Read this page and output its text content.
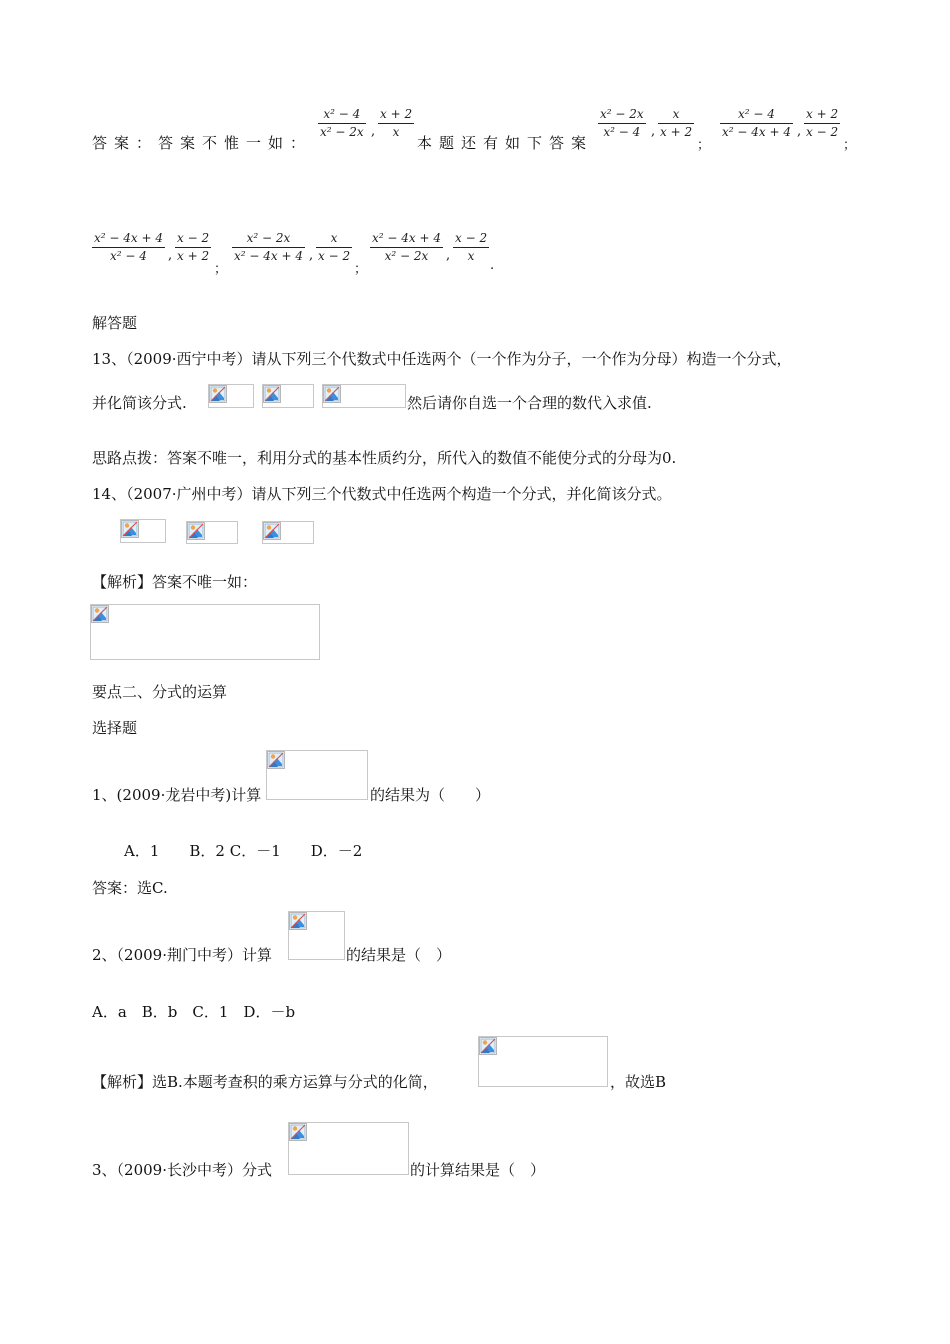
答案：答案不惟一如：
x² − 4
x² − 2x ,
x + 2
x
本题还有如下答案
x² − 2x
x² − 4 ,
x
x + 2
；
x² − 4
x² − 4x + 4 ,
x + 2
x − 2
；
x² − 4x + 4
x² − 4	,
x − 2
x + 2
；
x² − 2x
x² − 4x + 4 ,
x
x − 2
；
x² − 4x + 4
x² − 2x	,
x − 2
x
.
解答题
13、（2009·西宁中考）请从下列三个代数式中任选两个（一个作为分子，一个作为分母）构造一个分式，
并化简该分式.	然后请你自选一个合理的数代入求值.
思路点拨：答案不唯一，利用分式的基本性质约分，所代入的数值不能使分式的分母为0.
14、（2007·广州中考）请从下列三个代数式中任选两个构造一个分式，并化简该分式。
【解析】答案不唯一如：
要点二、分式的运算
选择题
1、(2009·龙岩中考)计算	的结果为（　　）
A．1　　B．2 C．－1　　D．－2
答案：选C.
2、（2009·荆门中考）计算	的结果是（　）
A．a　B．b　C．1　D．－b
【解析】选B.本题考查积的乘方运算与分式的化简，	，故选B
3、（2009·长沙中考）分式	的计算结果是（　）
